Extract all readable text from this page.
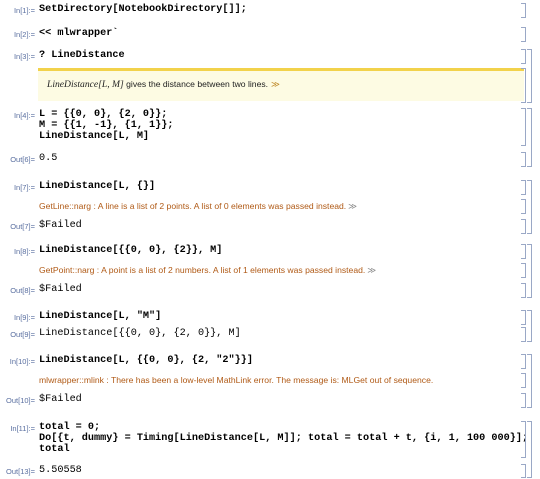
In[1]:= SetDirectory[NotebookDirectory[]];
In[2]:= << mlwrapper`
In[3]:= ? LineDistance
LineDistance[L, M] gives the distance between two lines. ≫
In[4]:= L = {{0, 0}, {2, 0}};
M = {{1, -1}, {1, 1}};
LineDistance[L, M]
Out[6]= 0.5
In[7]:= LineDistance[L, {}]
GetLine::narg : A line is a list of 2 points. A list of 0 elements was passed instead. ≫
Out[7]= $Failed
In[8]:= LineDistance[{{0, 0}, {2}}, M]
GetPoint::narg : A point is a list of 2 numbers. A list of 1 elements was passed instead. ≫
Out[8]= $Failed
In[9]:= LineDistance[L, "M"]
Out[9]= LineDistance[{{0, 0}, {2, 0}}, M]
In[10]:= LineDistance[L, {{0, 0}, {2, "2"}}]
mlwrapper::mlink : There has been a low-level MathLink error. The message is: MLGet out of sequence.
Out[10]= $Failed
In[11]:= total = 0;
Do[{t, dummy} = Timing[LineDistance[L, M]]; total = total + t, {i, 1, 100 000}];
total
Out[13]= 5.50558
